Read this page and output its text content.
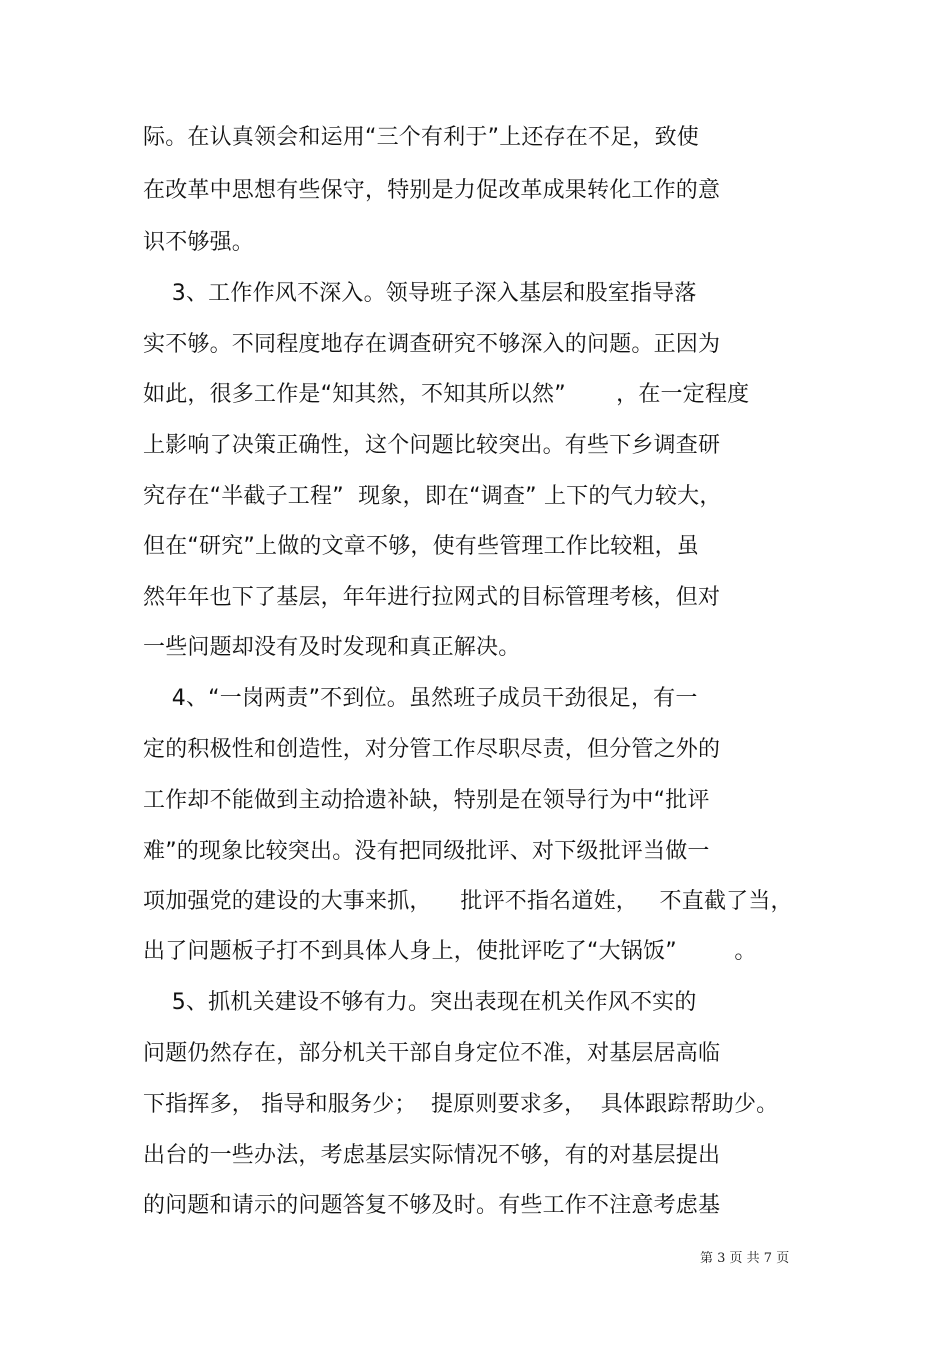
际。在认真领会和运用“三个有利于”上还存在不足，致使
在改革中思想有些保守，特别是力促改革成果转化工作的意
识不够强。
3、工作作风不深入。领导班子深入基层和股室指导落
实不够。不同程度地存在调查研究不够深入的问题。正因为
如此，很多工作是“知其然，不知其所以然”       ，在一定程度
上影响了决策正确性，这个问题比较突出。有些下乡调查研
究存在“半截子工程”  现象，即在“调查” 上下的气力较大，
但在“研究”上做的文章不够，使有些管理工作比较粗，虽
然年年也下了基层，年年进行拉网式的目标管理考核，但对
一些问题却没有及时发现和真正解决。
4、“一岗两责”不到位。虽然班子成员干劲很足，有一
定的积极性和创造性，对分管工作尽职尽责，但分管之外的
工作却不能做到主动拾遗补缺，特别是在领导行为中“批评
难”的现象比较突出。没有把同级批评、对下级批评当做一
项加强党的建设的大事来抓，    批评不指名道姓，   不直截了当，
出了问题板子打不到具体人身上，使批评吃了“大锅饭”        。
5、抓机关建设不够有力。突出表现在机关作风不实的
问题仍然存在，部分机关干部自身定位不准，对基层居高临
下指挥多， 指导和服务少；  提原则要求多，  具体跟踪帮助少。
出台的一些办法，考虑基层实际情况不够，有的对基层提出
的问题和请示的问题答复不够及时。有些工作不注意考虑基
第 3 页 共 7 页
